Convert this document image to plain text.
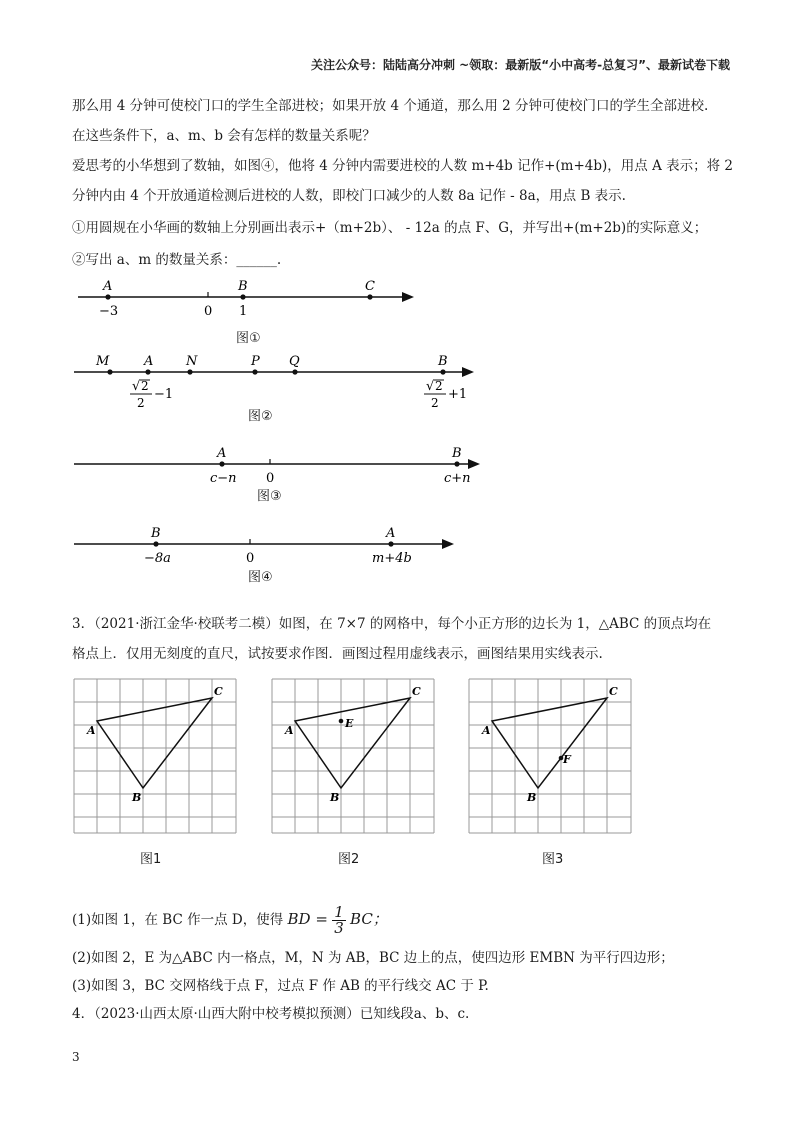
关注公众号：陆陆高分冲刺 ~领取：最新版“小中高考-总复习”、最新试卷下载
那么用 4 分钟可使校门口的学生全部进校；如果开放 4 个通道，那么用 2 分钟可使校门口的学生全部进校.
在这些条件下，a、m、b 会有怎样的数量关系呢？
爱思考的小华想到了数轴，如图④，他将 4 分钟内需要进校的人数 m+4b 记作+(m+4b)，用点 A 表示；将 2
分钟内由 4 个开放通道检测后进校的人数，即校门口减少的人数 8a 记作 - 8a，用点 B 表示.
①用圆规在小华画的数轴上分别画出表示+（m+2b）、 - 12a 的点 F、G，并写出+(m+2b)的实际意义；
②写出 a、m 的数量关系：______.
A	B	C
−3	0 1
图①
M	A	N	P Q	B
√ 2
2
−1
√ 2
2
+1
图②
A	B
c−n 0	c+n
图③
B	A
−8a	0	m+4b
图④
3．（2021·浙江金华·校联考二模）如图，在 7×7 的网格中，每个小正方形的边长为 1，△ABC 的顶点均在
格点上．仅用无刻度的直尺，试按要求作图．画图过程用虚线表示，画图结果用实线表示.
A
C
B
图1
A
C
B
E
图2
A
C
B
F
图3
(1)如图 1，在 BC 作一点 D，使得 BD = $\frac{1}{3}$ BC；
(2)如图 2，E 为△ABC 内一格点，M，N 为 AB，BC 边上的点，使四边形 EMBN 为平行四边形；
(3)如图 3，BC 交网格线于点 F，过点 F 作 AB 的平行线交 AC 于 P.
4．（2023·山西太原·山西大附中校考模拟预测）已知线段a、b、c.
3
